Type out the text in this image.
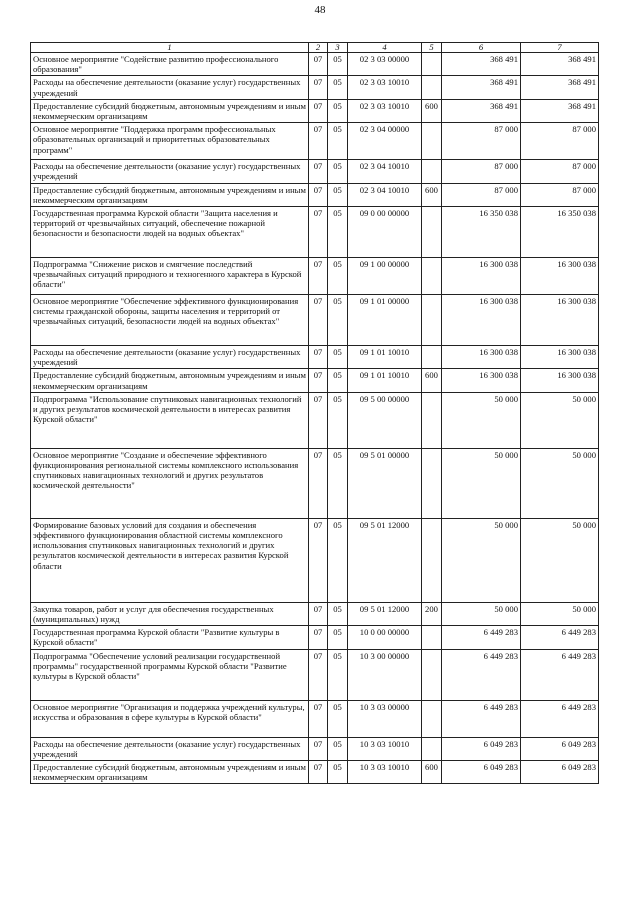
48
1	2	3	4	5	6	7
Основное мероприятие "Содействие развитию профессионального образования"	07	05	02 3 03 00000		368 491	368 491
Расходы на обеспечение деятельности (оказание услуг) государственных учреждений	07	05	02 3 03 10010		368 491	368 491
Предоставление субсидий бюджетным, автономным учреждениям и иным некоммерческим организациям	07	05	02 3 03 10010	600	368 491	368 491
Основное мероприятие "Поддержка программ профессиональных образовательных организаций и приоритетных образовательных программ"	07	05	02 3 04 00000		87 000	87 000
Расходы на обеспечение деятельности (оказание услуг) государственных учреждений	07	05	02 3 04 10010		87 000	87 000
Предоставление субсидий бюджетным, автономным учреждениям и иным некоммерческим организациям	07	05	02 3 04 10010	600	87 000	87 000
Государственная программа Курской области "Защита населения и территорий от чрезвычайных ситуаций, обеспечение пожарной безопасности и безопасности людей на водных объектах"	07	05	09 0 00 00000		16 350 038	16 350 038
Подпрограмма "Снижение рисков и смягчение последствий чрезвычайных ситуаций природного и техногенного характера в Курской области"	07	05	09 1 00 00000		16 300 038	16 300 038
Основное мероприятие "Обеспечение эффективного функционирования системы гражданской обороны, защиты населения и территорий от чрезвычайных ситуаций, безопасности людей на водных объектах"	07	05	09 1 01 00000		16 300 038	16 300 038
Расходы на обеспечение деятельности (оказание услуг) государственных учреждений	07	05	09 1 01 10010		16 300 038	16 300 038
Предоставление субсидий бюджетным, автономным учреждениям и иным некоммерческим организациям	07	05	09 1 01 10010	600	16 300 038	16 300 038
Подпрограмма "Использование спутниковых навигационных технологий и других результатов космической деятельности в интересах развития Курской области"	07	05	09 5 00 00000		50 000	50 000
Основное мероприятие "Создание и обеспечение эффективного функционирования региональной системы комплексного использования спутниковых навигационных технологий и других результатов космической деятельности"	07	05	09 5 01 00000		50 000	50 000
Формирование базовых условий для создания и обеспечения эффективного функционирования областной системы комплексного использования спутниковых навигационных технологий и других результатов космической деятельности в интересах развития Курской области	07	05	09 5 01 12000		50 000	50 000
Закупка товаров, работ и услуг для обеспечения государственных (муниципальных) нужд	07	05	09 5 01 12000	200	50 000	50 000
Государственная программа Курской области "Развитие культуры в Курской области"	07	05	10 0 00 00000		6 449 283	6 449 283
Подпрограмма "Обеспечение условий реализации государственной программы" государственной программы Курской области "Развитие культуры в Курской области"	07	05	10 3 00 00000		6 449 283	6 449 283
Основное мероприятие "Организация и поддержка учреждений культуры, искусства и образования в сфере культуры в Курской области"	07	05	10 3 03 00000		6 449 283	6 449 283
Расходы на обеспечение деятельности (оказание услуг) государственных учреждений	07	05	10 3 03 10010		6 049 283	6 049 283
Предоставление субсидий бюджетным, автономным учреждениям и иным некоммерческим организациям	07	05	10 3 03 10010	600	6 049 283	6 049 283
